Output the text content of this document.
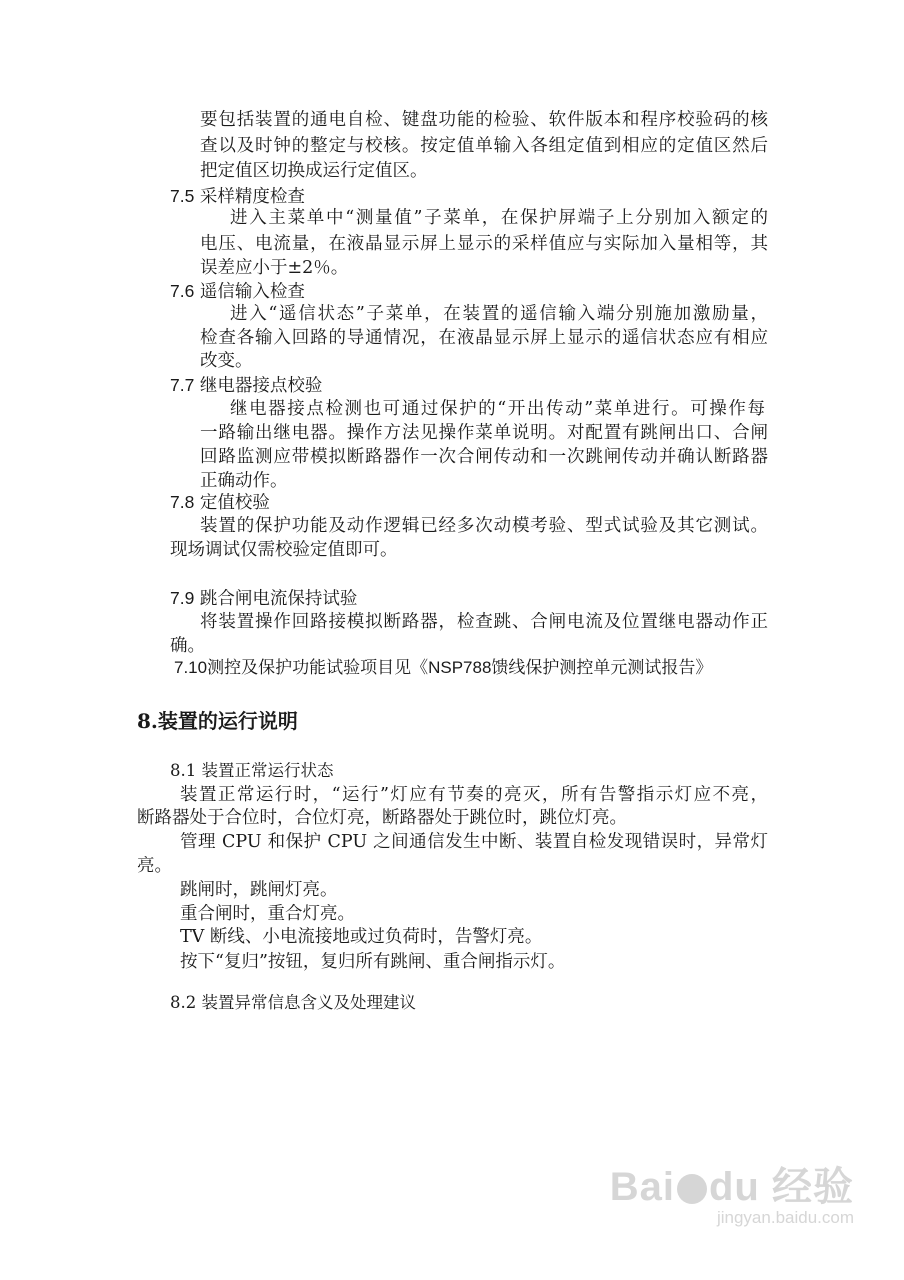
要包括装置的通电自检、键盘功能的检验、软件版本和程序校验码的核
查以及时钟的整定与校核。按定值单输入各组定值到相应的定值区然后
把定值区切换成运行定值区。
7.5 采样精度检查
进入主菜单中“测量值”子菜单，在保护屏端子上分别加入额定的
电压、电流量，在液晶显示屏上显示的采样值应与实际加入量相等，其
误差应小于±2％。
7.6 遥信输入检查
进入“遥信状态”子菜单，在装置的遥信输入端分别施加激励量，
检查各输入回路的导通情况，在液晶显示屏上显示的遥信状态应有相应
改变。
7.7 继电器接点校验
继电器接点检测也可通过保护的“开出传动”菜单进行。可操作每
一路输出继电器。操作方法见操作菜单说明。对配置有跳闸出口、合闸
回路监测应带模拟断路器作一次合闸传动和一次跳闸传动并确认断路器
正确动作。
7.8 定值校验
装置的保护功能及动作逻辑已经多次动模考验、型式试验及其它测试。
现场调试仅需校验定值即可。
7.9 跳合闸电流保持试验
将装置操作回路接模拟断路器，检查跳、合闸电流及位置继电器动作正
确。
7.10测控及保护功能试验项目见《NSP788馈线保护测控单元测试报告》
8.装置的运行说明
8.1 装置正常运行状态
装置正常运行时，“运行”灯应有节奏的亮灭，所有告警指示灯应不亮，
断路器处于合位时，合位灯亮，断路器处于跳位时，跳位灯亮。
管理 CPU 和保护 CPU 之间通信发生中断、装置自检发现错误时，异常灯
亮。
跳闸时，跳闸灯亮。
重合闸时，重合灯亮。
TV 断线、小电流接地或过负荷时，告警灯亮。
按下“复归”按钮，复归所有跳闸、重合闸指示灯。
8.2 装置异常信息含义及处理建议
Bai du 经验
jingyan.baidu.com
